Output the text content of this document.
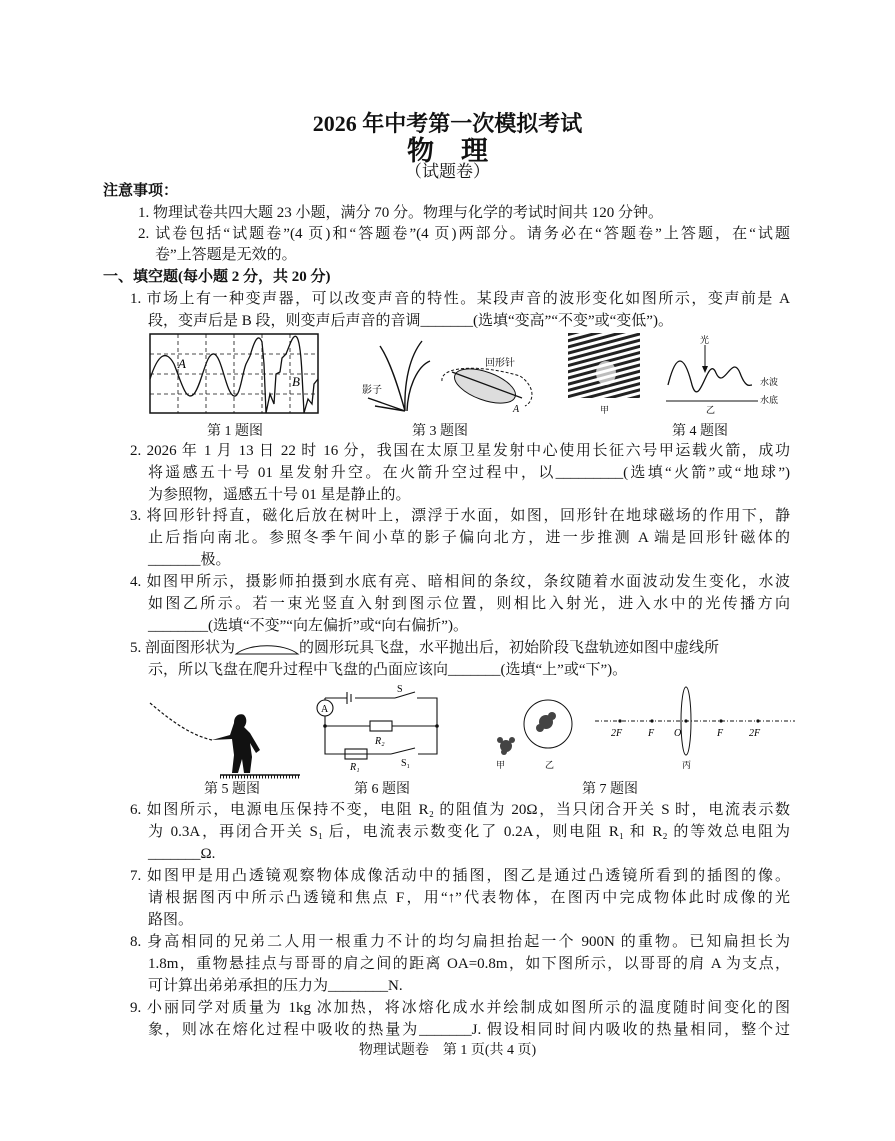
2026 年中考第一次模拟考试
物　理
（试题卷）
注意事项：
1. 物理试卷共四大题 23 小题，满分 70 分。物理与化学的考试时间共 120 分钟。
2. 试卷包括“试题卷”(4 页)和“答题卷”(4 页)两部分。请务必在“答题卷”上答题，在“试题
卷”上答题是无效的。
一、填空题(每小题 2 分，共 20 分)
1. 市场上有一种变声器，可以改变声音的特性。某段声音的波形变化如图所示，变声前是 A
段，变声后是 B 段，则变声后声音的音调_______(选填“变高”“不变”或“变低”)。
A
B
第 1 题图
影子
回形针
A
第 3 题图
甲
光
水波
水底
乙
第 4 题图
2. 2026 年 1 月 13 日 22 时 16 分，我国在太原卫星发射中心使用长征六号甲运载火箭，成功
将遥感五十号 01 星发射升空。在火箭升空过程中，以_________(选填“火箭”或“地球”)
为参照物，遥感五十号 01 星是静止的。
3. 将回形针捋直，磁化后放在树叶上，漂浮于水面，如图，回形针在地球磁场的作用下，静
止后指向南北。参照冬季午间小草的影子偏向北方，进一步推测 A 端是回形针磁体的
_______极。
4. 如图甲所示，摄影师拍摄到水底有亮、暗相间的条纹，条纹随着水面波动发生变化，水波
如图乙所示。若一束光竖直入射到图示位置，则相比入射光，进入水中的光传播方向
________(选填“不变”“向左偏折”或“向右偏折”)。
5. 剖面图形状为	的圆形玩具飞盘，水平抛出后，初始阶段飞盘轨迹如图中虚线所
示，所以飞盘在爬升过程中飞盘的凸面应该向_______(选填“上”或“下”)。
第 5 题图
A
S
R₂
R₁	S₁
第 6 题图
甲	乙
2F	F O	F	2F
丙
第 7 题图
6. 如图所示，电源电压保持不变，电阻 R₂ 的阻值为 20Ω，当只闭合开关 S 时，电流表示数
为 0.3A，再闭合开关 S₁ 后，电流表示数变化了 0.2A，则电阻 R₁ 和 R₂ 的等效总电阻为
_______Ω.
7. 如图甲是用凸透镜观察物体成像活动中的插图，图乙是通过凸透镜所看到的插图的像。
请根据图丙中所示凸透镜和焦点 F，用“↑”代表物体，在图丙中完成物体此时成像的光
路图。
8. 身高相同的兄弟二人用一根重力不计的均匀扁担抬起一个 900N 的重物。已知扁担长为
1.8m，重物悬挂点与哥哥的肩之间的距离 OA=0.8m，如下图所示，以哥哥的肩 A 为支点，
可计算出弟弟承担的压力为________N.
9. 小丽同学对质量为 1kg 冰加热，将冰熔化成水并绘制成如图所示的温度随时间变化的图
象，则冰在熔化过程中吸收的热量为_______J. 假设相同时间内吸收的热量相同，整个过
物理试题卷　第 1 页(共 4 页)
